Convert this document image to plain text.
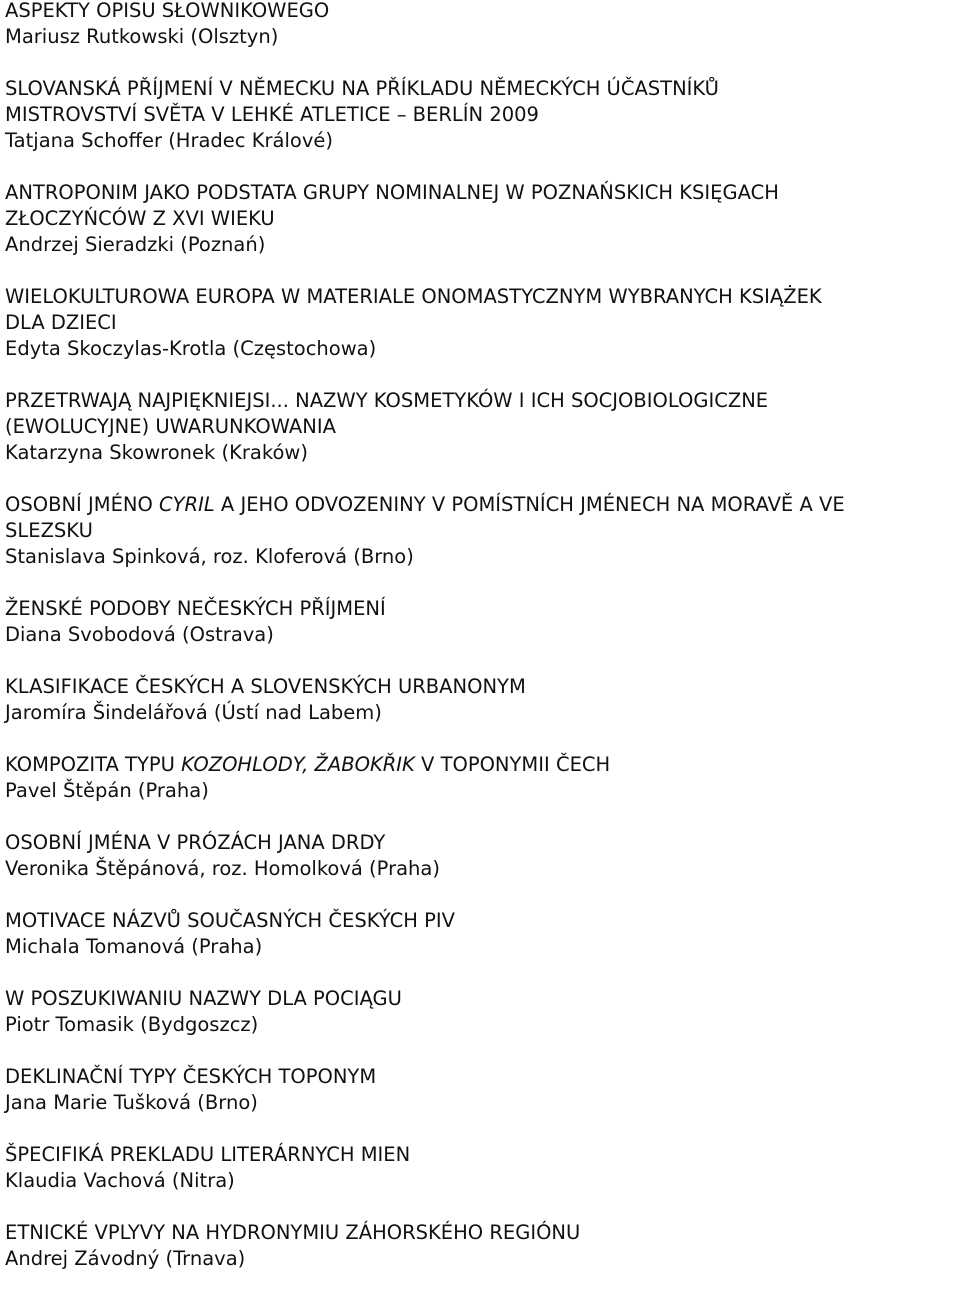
ASPEKTY OPISU SŁOWNIKOWEGO
Mariusz Rutkowski (Olsztyn)
SLOVANSKÁ PŘÍJMENÍ V NĚMECKU NA PŘÍKLADU NĚMECKÝCH ÚČASTNÍKŮ
MISTROVSTVÍ SVĚTA V LEHKÉ ATLETICE – BERLÍN 2009
Tatjana Schoffer (Hradec Králové)
ANTROPONIM JAKO PODSTATA GRUPY NOMINALNEJ W POZNAŃSKICH KSIĘGACH
ZŁOCZYŃCÓW Z XVI WIEKU
Andrzej Sieradzki (Poznań)
WIELOKULTUROWA EUROPA W MATERIALE ONOMASTYCZNYM WYBRANYCH KSIĄŻEK
DLA DZIECI
Edyta Skoczylas-Krotla (Częstochowa)
PRZETRWAJĄ NAJPIĘKNIEJSI... NAZWY KOSMETYKÓW I ICH SOCJOBIOLOGICZNE
(EWOLUCYJNE) UWARUNKOWANIA
Katarzyna Skowronek (Kraków)
OSOBNÍ JMÉNO CYRIL A JEHO ODVOZENINY V POMÍSTNÍCH JMÉNECH NA MORAVĚ A VE
SLEZSKU
Stanislava Spinková, roz. Kloferová (Brno)
ŽENSKÉ PODOBY NEČESKÝCH PŘÍJMENÍ
Diana Svobodová (Ostrava)
KLASIFIKACE ČESKÝCH A SLOVENSKÝCH URBANONYM
Jaromíra Šindelářová (Ústí nad Labem)
KOMPOZITA TYPU KOZOHLODY, ŽABOKŘIK V TOPONYMII ČECH
Pavel Štěpán (Praha)
OSOBNÍ JMÉNA V PRÓZÁCH JANA DRDY
Veronika Štěpánová, roz. Homolková (Praha)
MOTIVACE NÁZVŮ SOUČASNÝCH ČESKÝCH PIV
Michala Tomanová (Praha)
W POSZUKIWANIU NAZWY DLA POCIĄGU
Piotr Tomasik (Bydgoszcz)
DEKLINAČNÍ TYPY ČESKÝCH TOPONYM
Jana Marie Tušková (Brno)
ŠPECIFIKÁ PREKLADU LITERÁRNYCH MIEN
Klaudia Vachová (Nitra)
ETNICKÉ VPLYVY NA HYDRONYMIU ZÁHORSKÉHO REGIÓNU
Andrej Závodný (Trnava)
